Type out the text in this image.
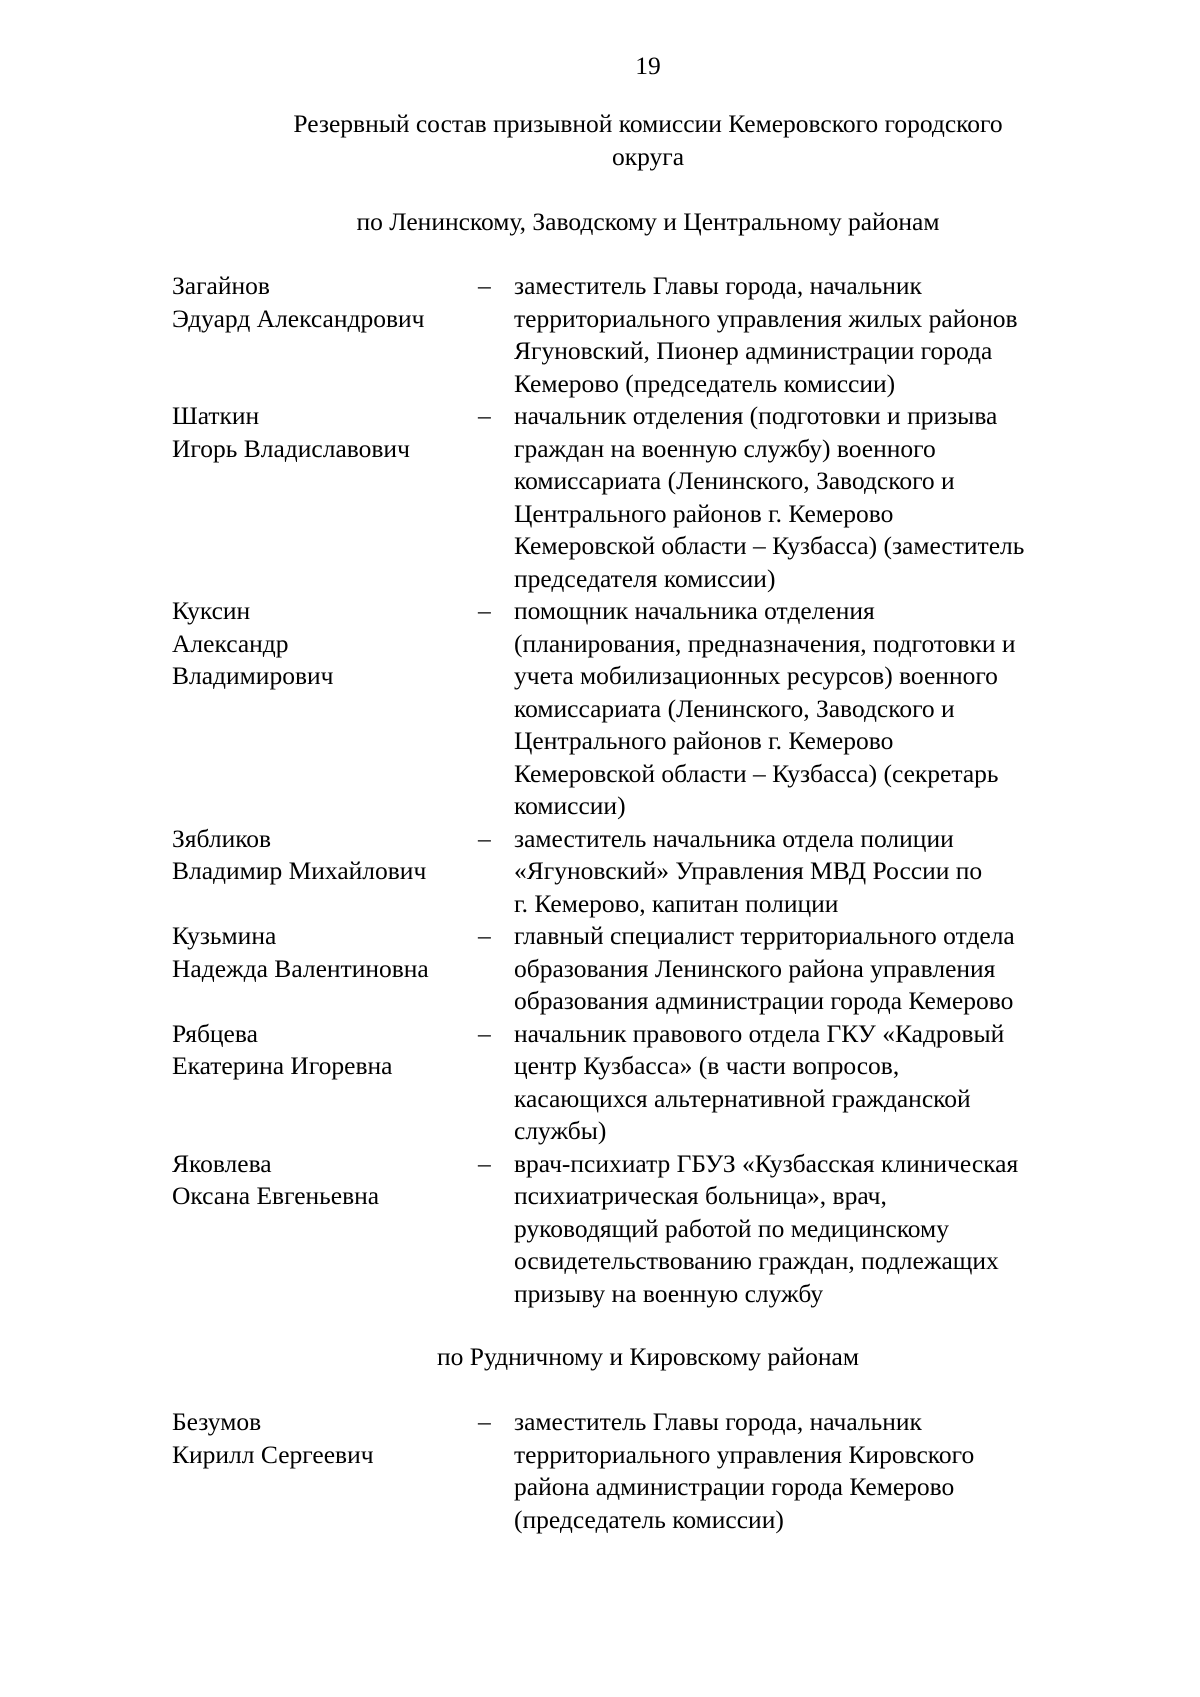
19
Резервный состав призывной комиссии Кемеровского городского
округа
по Ленинскому, Заводскому и Центральному районам
Загайнов
Эдуард Александрович
– заместитель Главы города, начальник
территориального управления жилых районов
Ягуновский, Пионер администрации города
Кемерово (председатель комиссии)
Шаткин
Игорь Владиславович
– начальник отделения (подготовки и призыва
граждан на военную службу) военного
комиссариата (Ленинского, Заводского и
Центрального районов г. Кемерово
Кемеровской области – Кузбасса) (заместитель
председателя комиссии)
Куксин
Александр
Владимирович
– помощник начальника отделения
(планирования, предназначения, подготовки и
учета мобилизационных ресурсов) военного
комиссариата (Ленинского, Заводского и
Центрального районов г. Кемерово
Кемеровской области – Кузбасса) (секретарь
комиссии)
Зябликов
Владимир Михайлович
– заместитель начальника отдела полиции
«Ягуновский» Управления МВД России по
г. Кемерово, капитан полиции
Кузьмина
Надежда Валентиновна
– главный специалист территориального отдела
образования Ленинского района управления
образования администрации города Кемерово
Рябцева
Екатерина Игоревна
– начальник правового отдела ГКУ «Кадровый
центр Кузбасса» (в части вопросов,
касающихся альтернативной гражданской
службы)
Яковлева
Оксана Евгеньевна
– врач-психиатр ГБУЗ «Кузбасская клиническая
психиатрическая больница», врач,
руководящий работой по медицинскому
освидетельствованию граждан, подлежащих
призыву на военную службу
по Рудничному и Кировскому районам
Безумов
Кирилл Сергеевич
– заместитель Главы города, начальник
территориального управления Кировского
района администрации города Кемерово
(председатель комиссии)
